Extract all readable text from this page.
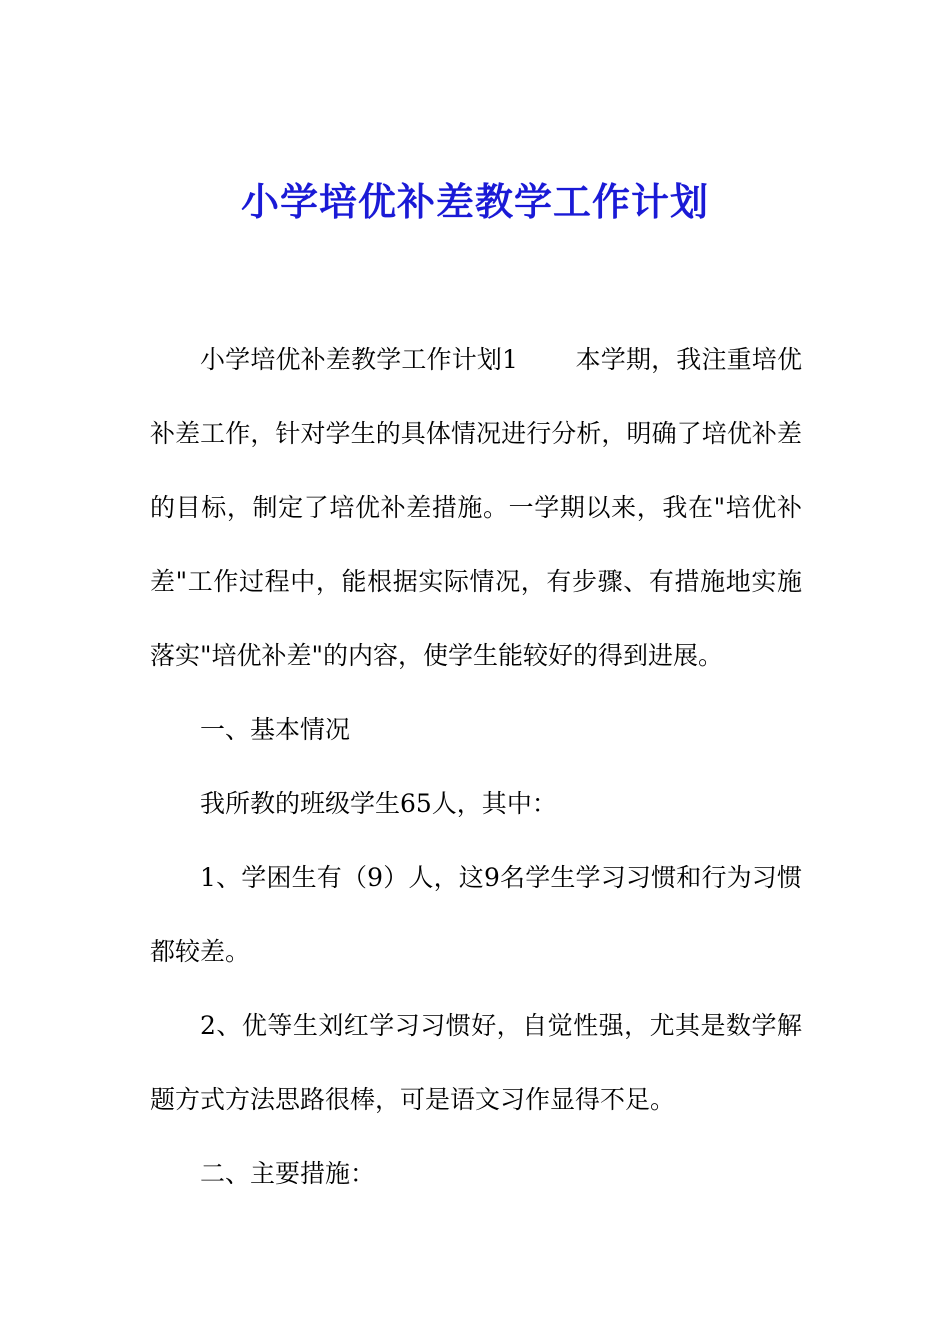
小学培优补差教学工作计划

小学培优补差教学工作计划1 本学期，我注重培优补差工作，针对学生的具体情况进行分析，明确了培优补差的目标，制定了培优补差措施。一学期以来，我在"培优补差"工作过程中，能根据实际情况，有步骤、有措施地实施落实"培优补差"的内容，使学生能较好的得到进展。

一、基本情况

我所教的班级学生65人，其中：

1、学困生有（9）人，这9名学生学习习惯和行为习惯都较差。

2、优等生刘红学习习惯好，自觉性强，尤其是数学解题方式方法思路很棒，可是语文习作显得不足。

二、主要措施：
